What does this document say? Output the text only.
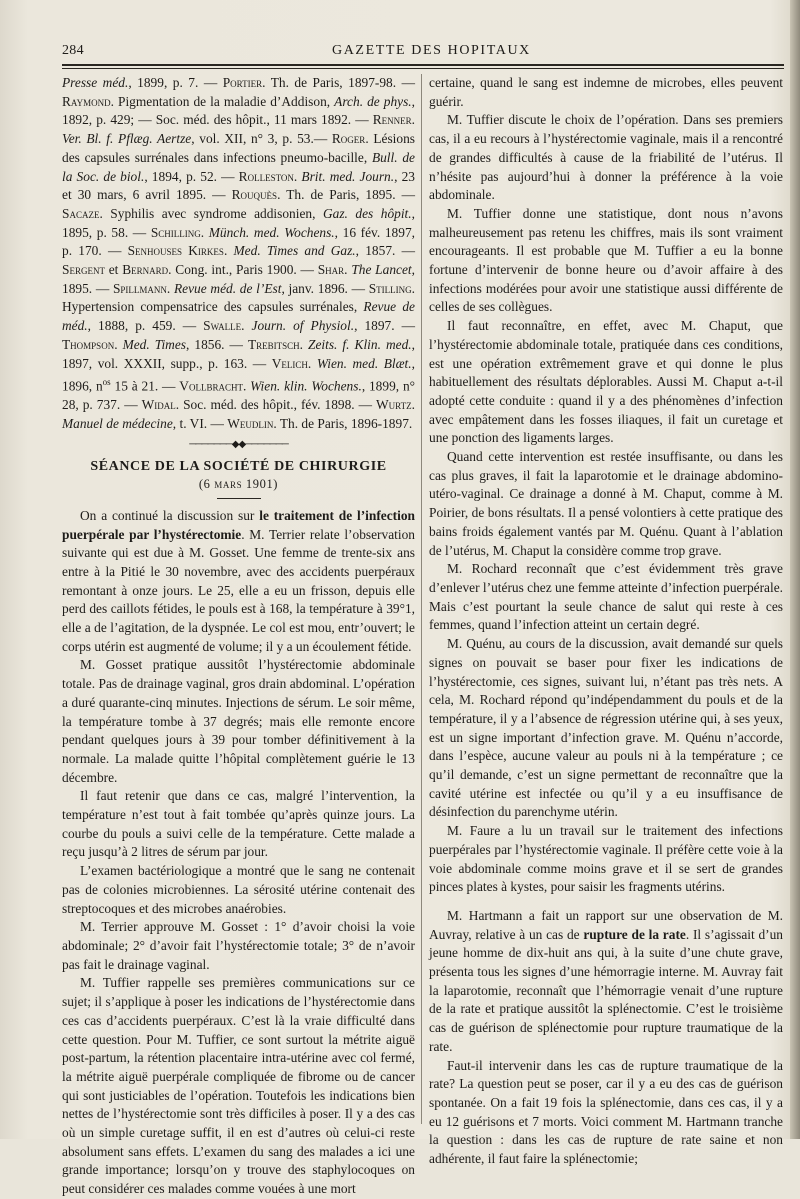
284	GAZETTE DES HOPITAUX

Presse méd., 1899, p. 7. — Portier. Th. de Paris, 1897-98. — Raymond. Pigmentation de la maladie d’Addison, Arch. de phys., 1892, p. 429; — Soc. méd. des hôpit., 11 mars 1892. — Renner. Ver. Bl. f. Pflæg. Aertze, vol. XII, n° 3, p. 53.— Roger. Lésions des capsules surrénales dans infections pneumo-bacille, Bull. de la Soc. de biol., 1894, p. 52. — Rolleston. Brit. med. Journ., 23 et 30 mars, 6 avril 1895. — Rouquès. Th. de Paris, 1895. — Sacaze. Syphilis avec syndrome addisonien, Gaz. des hôpit., 1895, p. 58. — Schilling. Münch. med. Wochens., 16 fév. 1897, p. 170. — Senhouses Kirkes. Med. Times and Gaz., 1857. — Sergent et Bernard. Cong. int., Paris 1900. — Shar. The Lancet, 1895. — Spillmann. Revue méd. de l’Est, janv. 1896. — Stilling. Hypertension compensatrice des capsules surrénales, Revue de méd., 1888, p. 459. — Swalle. Journ. of Physiol., 1897. — Thompson. Med. Times, 1856. — Trebitsch. Zeits. f. Klin. med., 1897, vol. XXXII, supp., p. 163. — Velich. Wien. med. Blæt., 1896, $n^{os}$ 15 à 21. — Vollbracht. Wien. klin. Wochens., 1899, n° 28, p. 737. — Widal. Soc. méd. des hôpit., fév. 1898. — Wurtz. Manuel de médecine, t. VI. — Weudlin. Th. de Paris, 1896-1897.

───────◆◆───────
SÉANCE DE LA SOCIÉTÉ DE CHIRURGIE
(6 mars 1901)

On a continué la discussion sur le traitement de l’infection puerpérale par l’hystérectomie. M. Terrier relate l’observation suivante qui est due à M. Gosset. Une femme de trente-six ans entre à la Pitié le 30 novembre, avec des accidents puerpéraux remontant à onze jours. Le 25, elle a eu un frisson, depuis elle perd des caillots fétides, le pouls est à 168, la température à 39°1, elle a de l’agitation, de la dyspnée. Le col est mou, entr’ouvert; le corps utérin est augmenté de volume; il y a un écoulement fétide.

M. Gosset pratique aussitôt l’hystérectomie abdominale totale. Pas de drainage vaginal, gros drain abdominal. L’opération a duré quarante-cinq minutes. Injections de sérum. Le soir même, la température tombe à 37 degrés; mais elle remonte encore pendant quelques jours à 39 pour tomber définitivement à la normale. La malade quitte l’hôpital complètement guérie le 13 décembre.

Il faut retenir que dans ce cas, malgré l’intervention, la température n’est tout à fait tombée qu’après quinze jours. La courbe du pouls a suivi celle de la température. Cette malade a reçu jusqu’à 2 litres de sérum par jour.

L’examen bactériologique a montré que le sang ne contenait pas de colonies microbiennes. La sérosité utérine contenait des streptocoques et des microbes anaérobies.

M. Terrier approuve M. Gosset : 1° d’avoir choisi la voie abdominale; 2° d’avoir fait l’hystérectomie totale; 3° de n’avoir pas fait le drainage vaginal.

M. Tuffier rappelle ses premières communications sur ce sujet; il s’applique à poser les indications de l’hystérectomie dans ces cas d’accidents puerpéraux. C’est là la vraie difficulté dans cette question. Pour M. Tuffier, ce sont surtout la métrite aiguë post-partum, la rétention placentaire intra-utérine avec col fermé, la métrite aiguë puerpérale compliquée de fibrome ou de cancer qui sont justiciables de l’opération. Toutefois les indications bien nettes de l’hystérectomie sont très difficiles à poser. Il y a des cas où un simple curetage suffit, il en est d’autres où celui-ci reste absolument sans effets. L’examen du sang des malades a ici une grande importance; lorsqu’on y trouve des staphylocoques on peut considérer ces malades comme vouées à une mort

certaine, quand le sang est indemne de microbes, elles peuvent guérir.

M. Tuffier discute le choix de l’opération. Dans ses premiers cas, il a eu recours à l’hystérectomie vaginale, mais il a rencontré de grandes difficultés à cause de la friabilité de l’utérus. Il n’hésite pas aujourd’hui à donner la préférence à la voie abdominale.

M. Tuffier donne une statistique, dont nous n’avons malheureusement pas retenu les chiffres, mais ils sont vraiment encourageants. Il est probable que M. Tuffier a eu la bonne fortune d’intervenir de bonne heure ou d’avoir affaire à des infections modérées pour avoir une statistique aussi différente de celles de ses collègues.

Il faut reconnaître, en effet, avec M. Chaput, que l’hystérectomie abdominale totale, pratiquée dans ces conditions, est une opération extrêmement grave et qui donne le plus habituellement des résultats déplorables. Aussi M. Chaput a-t-il adopté cette conduite : quand il y a des phénomènes d’infection avec empâtement dans les fosses iliaques, il fait un curetage et une ponction des ligaments larges.

Quand cette intervention est restée insuffisante, ou dans les cas plus graves, il fait la laparotomie et le drainage abdomino-utéro-vaginal. Ce drainage a donné à M. Chaput, comme à M. Poirier, de bons résultats. Il a pensé volontiers à cette pratique des bains froids également vantés par M. Quénu. Quant à l’ablation de l’utérus, M. Chaput la considère comme trop grave.

M. Rochard reconnaît que c’est évidemment très grave d’enlever l’utérus chez une femme atteinte d’infection puerpérale. Mais c’est pourtant la seule chance de salut qui reste à ces femmes, quand l’infection atteint un certain degré.

M. Quénu, au cours de la discussion, avait demandé sur quels signes on pouvait se baser pour fixer les indications de l’hystérectomie, ces signes, suivant lui, n’étant pas très nets. A cela, M. Rochard répond qu’indépendamment du pouls et de la température, il y a l’absence de régression utérine qui, à ses yeux, est un signe important d’infection grave. M. Quénu n’accorde, dans l’espèce, aucune valeur au pouls ni à la température ; ce qu’il demande, c’est un signe permettant de reconnaître que la cavité utérine est infectée ou qu’il y a eu insuffisance de désinfection du parenchyme utérin.

M. Faure a lu un travail sur le traitement des infections puerpérales par l’hystérectomie vaginale. Il préfère cette voie à la voie abdominale comme moins grave et il se sert de grandes pinces plates à kystes, pour saisir les fragments utérins.

M. Hartmann a fait un rapport sur une observation de M. Auvray, relative à un cas de rupture de la rate. Il s’agissait d’un jeune homme de dix-huit ans qui, à la suite d’une chute grave, présenta tous les signes d’une hémorragie interne. M. Auvray fait la laparotomie, reconnaît que l’hémorragie venait d’une rupture de la rate et pratique aussitôt la splénectomie. C’est le troisième cas de guérison de splénectomie pour rupture traumatique de la rate.

Faut-il intervenir dans les cas de rupture traumatique de la rate? La question peut se poser, car il y a eu des cas de guérison spontanée. On a fait 19 fois la splénectomie, dans ces cas, il y a eu 12 guérisons et 7 morts. Voici comment M. Hartmann tranche la question : dans les cas de rupture de rate saine et non adhérente, il faut faire la splénectomie;
